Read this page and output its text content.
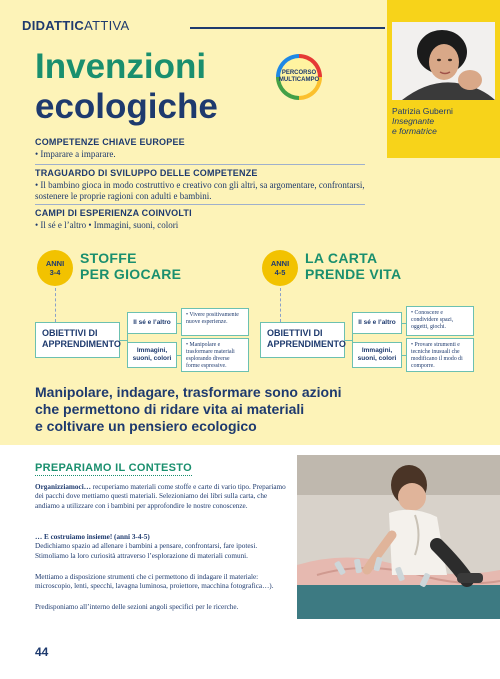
DIDATTICATTIVA
Invenzioni
ecologiche
PERCORSO MULTICAMPO
Patrizia Guberni
Insegnante
e formatrice
COMPETENZE CHIAVE EUROPEE
• Imparare a imparare.
TRAGUARDO DI SVILUPPO DELLE COMPETENZE
• Il bambino gioca in modo costruttivo e creativo con gli altri, sa argomentare, confrontarsi, sostenere le proprie ragioni con adulti e bambini.
CAMPI DI ESPERIENZA COINVOLTI
• Il sé e l’altro • Immagini, suoni, colori
ANNI
3-4
STOFFE
PER GIOCARE
OBIETTIVI DI
APPRENDIMENTO
Il sé e l’altro
Immagini, suoni, colori
• Vivere positivamente nuove esperienze.
• Manipolare e trasformare materiali esplorando diverse forme espressive.
ANNI
4-5
LA CARTA
PRENDE VITA
OBIETTIVI DI
APPRENDIMENTO
Il sé e l’altro
Immagini, suoni, colori
• Conoscere e condividere spazi, oggetti, giochi.
• Provare strumenti e tecniche inusuali che modificano il modo di comporre.
Manipolare, indagare, trasformare sono azioni
che permettono di ridare vita ai materiali
e coltivare un pensiero ecologico
PREPARIAMO IL CONTESTO
Organizziamoci… recuperiamo materiali come stoffe e carte di vario tipo. Prepariamo dei pacchi dove mettiamo questi materiali. Selezioniamo dei libri sulla carta, che andiamo a utilizzare con i bambini per approfondire le nostre conoscenze.
… E costruiamo insieme! (anni 3-4-5)
Dedichiamo spazio ad allenare i bambini a pensare, confrontarsi, fare ipotesi. Stimoliamo la loro curiosità attraverso l’esplorazione di materiali comuni.
Mettiamo a disposizione strumenti che ci permettono di indagare il materiale: microscopio, lenti, specchi, lavagna luminosa, proiettore, macchina fotografica…).
Predisponiamo all’interno delle sezioni angoli specifici per le ricerche.
44
